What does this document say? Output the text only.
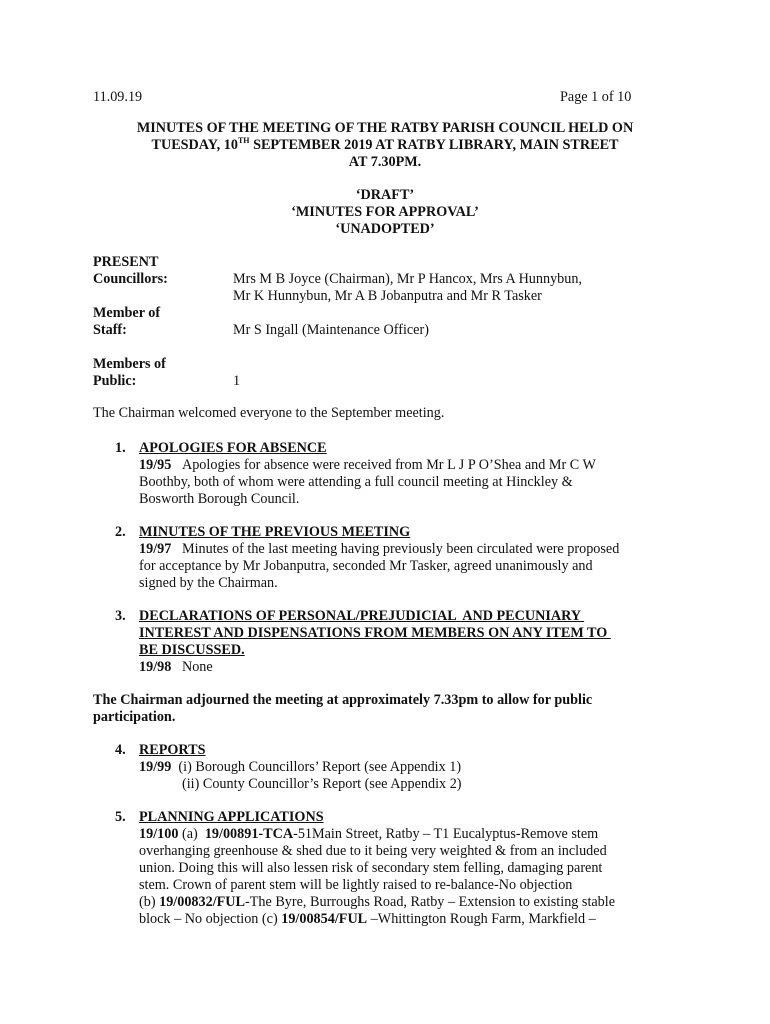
11.09.19	Page 1 of 10
MINUTES OF THE MEETING OF THE RATBY PARISH COUNCIL HELD ON
TUESDAY, 10TH SEPTEMBER 2019 AT RATBY LIBRARY, MAIN STREET
AT 7.30PM.
‘DRAFT’
‘MINUTES FOR APPROVAL’
‘UNADOPTED’
PRESENT
Councillors:	Mrs M B Joyce (Chairman), Mr P Hancox, Mrs A Hunnybun,
Mr K Hunnybun, Mr A B Jobanputra and Mr R Tasker
Member of
Staff:	Mr S Ingall (Maintenance Officer)
Members of
Public:	1
The Chairman welcomed everyone to the September meeting.
1. APOLOGIES FOR ABSENCE
19/95 Apologies for absence were received from Mr L J P O’Shea and Mr C W
Boothby, both of whom were attending a full council meeting at Hinckley &
Bosworth Borough Council.
2. MINUTES OF THE PREVIOUS MEETING
19/97 Minutes of the last meeting having previously been circulated were proposed
for acceptance by Mr Jobanputra, seconded Mr Tasker, agreed unanimously and
signed by the Chairman.
3. DECLARATIONS OF PERSONAL/PREJUDICIAL  AND PECUNIARY
INTEREST AND DISPENSATIONS FROM MEMBERS ON ANY ITEM TO
BE DISCUSSED.
19/98 None
The Chairman adjourned the meeting at approximately 7.33pm to allow for public
participation.
4. REPORTS
19/99 (i) Borough Councillors’ Report (see Appendix 1)
(ii) County Councillor’s Report (see Appendix 2)
5. PLANNING APPLICATIONS
19/100 (a) 19/00891-TCA-51Main Street, Ratby – T1 Eucalyptus-Remove stem
overhanging greenhouse & shed due to it being very weighted & from an included
union. Doing this will also lessen risk of secondary stem felling, damaging parent
stem. Crown of parent stem will be lightly raised to re-balance-No objection
(b) 19/00832/FUL-The Byre, Burroughs Road, Ratby – Extension to existing stable
block – No objection (c) 19/00854/FUL –Whittington Rough Farm, Markfield –
